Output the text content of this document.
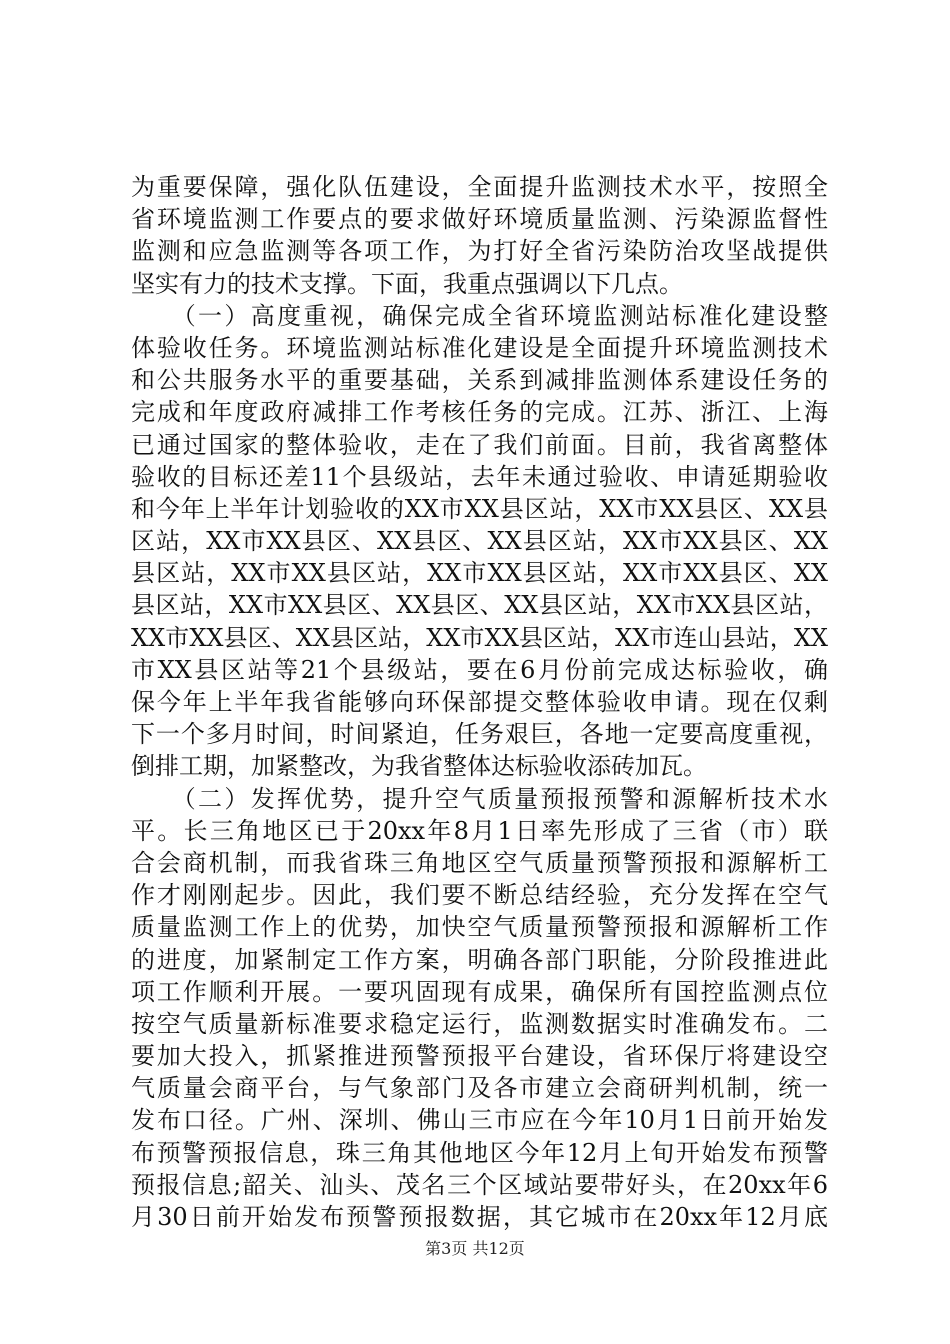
为重要保障，强化队伍建设，全面提升监测技术水平，按照全
省环境监测工作要点的要求做好环境质量监测、污染源监督性
监测和应急监测等各项工作，为打好全省污染防治攻坚战提供
坚实有力的技术支撑。下面，我重点强调以下几点。
　　（一）高度重视，确保完成全省环境监测站标准化建设整
体验收任务。环境监测站标准化建设是全面提升环境监测技术
和公共服务水平的重要基础，关系到减排监测体系建设任务的
完成和年度政府减排工作考核任务的完成。江苏、浙江、上海
已通过国家的整体验收，走在了我们前面。目前，我省离整体
验收的目标还差11个县级站，去年未通过验收、申请延期验收
和今年上半年计划验收的XX市XX县区站，XX市XX县区、XX县
区站，XX市XX县区、XX县区、XX县区站，XX市XX县区、XX
县区站，XX市XX县区站，XX市XX县区站，XX市XX县区、XX
县区站，XX市XX县区、XX县区、XX县区站，XX市XX县区站，
XX市XX县区、XX县区站，XX市XX县区站，XX市连山县站，XX
市XX县区站等21个县级站，要在6月份前完成达标验收，确
保今年上半年我省能够向环保部提交整体验收申请。现在仅剩
下一个多月时间，时间紧迫，任务艰巨，各地一定要高度重视，
倒排工期，加紧整改，为我省整体达标验收添砖加瓦。
　　（二）发挥优势，提升空气质量预报预警和源解析技术水
平。长三角地区已于20xx年8月1日率先形成了三省（市）联
合会商机制，而我省珠三角地区空气质量预警预报和源解析工
作才刚刚起步。因此，我们要不断总结经验，充分发挥在空气
质量监测工作上的优势，加快空气质量预警预报和源解析工作
的进度，加紧制定工作方案，明确各部门职能，分阶段推进此
项工作顺利开展。一要巩固现有成果，确保所有国控监测点位
按空气质量新标准要求稳定运行，监测数据实时准确发布。二
要加大投入，抓紧推进预警预报平台建设，省环保厅将建设空
气质量会商平台，与气象部门及各市建立会商研判机制，统一
发布口径。广州、深圳、佛山三市应在今年10月1日前开始发
布预警预报信息，珠三角其他地区今年12月上旬开始发布预警
预报信息;韶关、汕头、茂名三个区域站要带好头，在20xx年6
月30日前开始发布预警预报数据，其它城市在20xx年12月底
第3页 共12页
